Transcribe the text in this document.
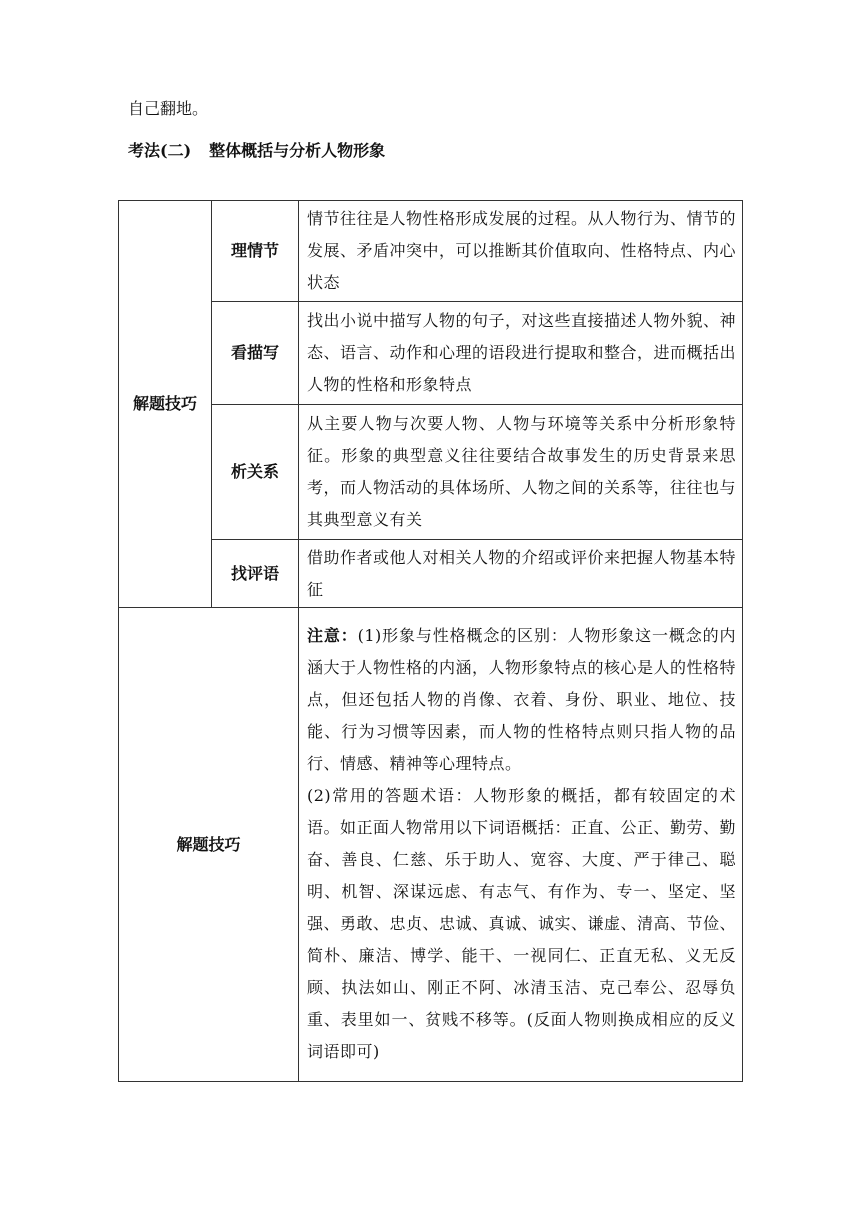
自己翻地。
考法(二) 整体概括与分析人物形象
解题技巧	理情节	情节往往是人物性格形成发展的过程。从人物行为、情节的发展、矛盾冲突中，可以推断其价值取向、性格特点、内心状态
	看描写	找出小说中描写人物的句子，对这些直接描述人物外貌、神态、语言、动作和心理的语段进行提取和整合，进而概括出人物的性格和形象特点
	析关系	从主要人物与次要人物、人物与环境等关系中分析形象特征。形象的典型意义往往要结合故事发生的历史背景来思考，而人物活动的具体场所、人物之间的关系等，往往也与其典型意义有关
	找评语	借助作者或他人对相关人物的介绍或评价来把握人物基本特征
解题技巧		注意：(1)形象与性格概念的区别：人物形象这一概念的内涵大于人物性格的内涵，人物形象特点的核心是人的性格特点，但还包括人物的肖像、衣着、身份、职业、地位、技能、行为习惯等因素，而人物的性格特点则只指人物的品行、情感、精神等心理特点。

(2)常用的答题术语：人物形象的概括，都有较固定的术语。如正面人物常用以下词语概括：正直、公正、勤劳、勤奋、善良、仁慈、乐于助人、宽容、大度、严于律己、聪明、机智、深谋远虑、有志气、有作为、专一、坚定、坚强、勇敢、忠贞、忠诚、真诚、诚实、谦虚、清高、节俭、简朴、廉洁、博学、能干、一视同仁、正直无私、义无反顾、执法如山、刚正不阿、冰清玉洁、克己奉公、忍辱负重、表里如一、贫贱不移等。(反面人物则换成相应的反义词语即可)
